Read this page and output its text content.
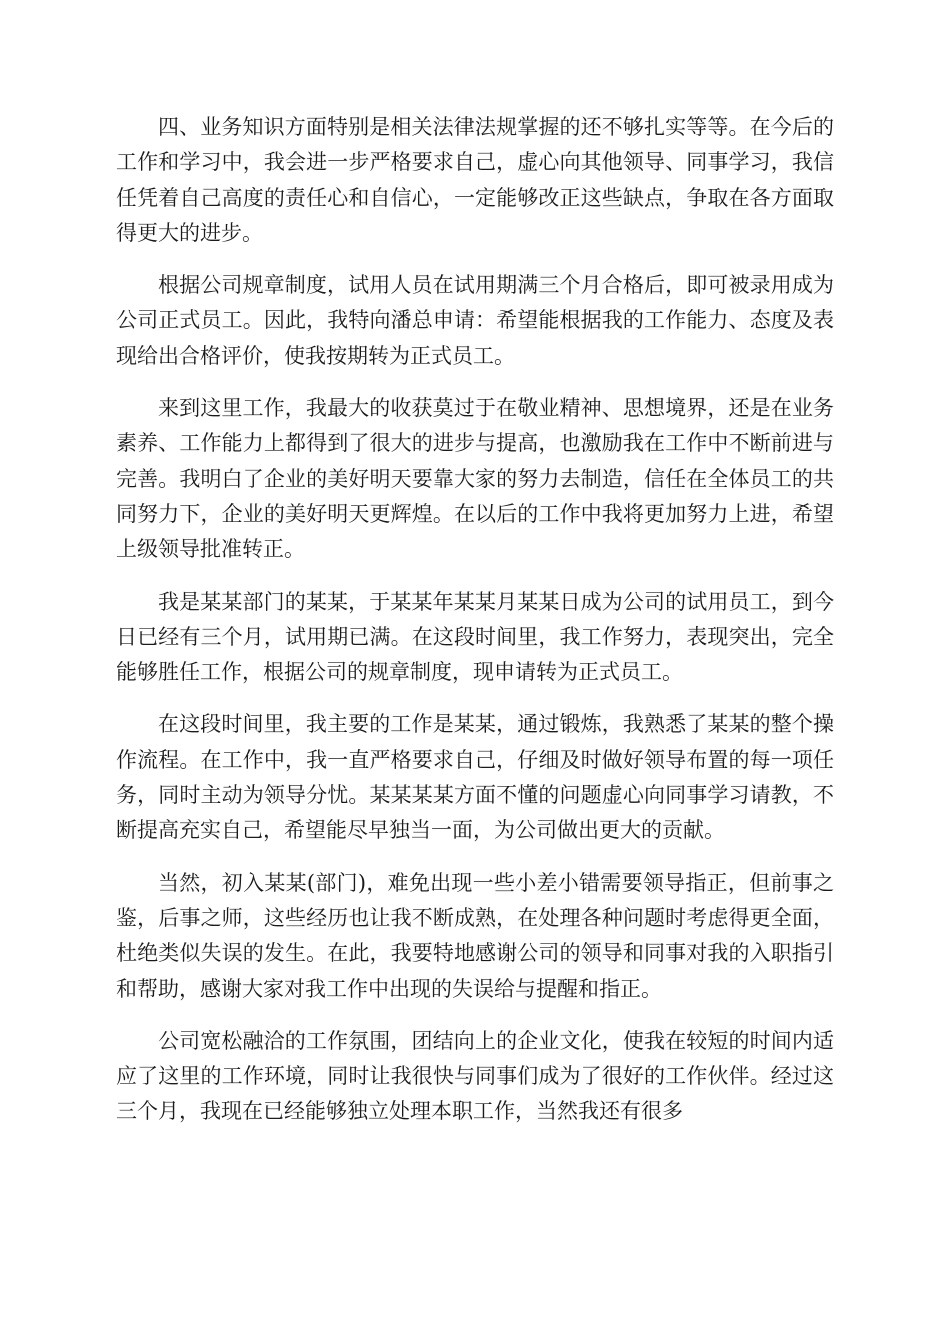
四、业务知识方面特别是相关法律法规掌握的还不够扎实等等。在今后的工作和学习中，我会进一步严格要求自己，虚心向其他领导、同事学习，我信任凭着自己高度的责任心和自信心，一定能够改正这些缺点，争取在各方面取得更大的进步。

根据公司规章制度，试用人员在试用期满三个月合格后，即可被录用成为公司正式员工。因此，我特向潘总申请：希望能根据我的工作能力、态度及表现给出合格评价，使我按期转为正式员工。

来到这里工作，我最大的收获莫过于在敬业精神、思想境界，还是在业务素养、工作能力上都得到了很大的进步与提高，也激励我在工作中不断前进与完善。我明白了企业的美好明天要靠大家的努力去制造，信任在全体员工的共同努力下，企业的美好明天更辉煌。在以后的工作中我将更加努力上进，希望上级领导批准转正。

我是某某部门的某某，于某某年某某月某某日成为公司的试用员工，到今日已经有三个月，试用期已满。在这段时间里，我工作努力，表现突出，完全能够胜任工作，根据公司的规章制度，现申请转为正式员工。

在这段时间里，我主要的工作是某某，通过锻炼，我熟悉了某某的整个操作流程。在工作中，我一直严格要求自己，仔细及时做好领导布置的每一项任务，同时主动为领导分忧。某某某某方面不懂的问题虚心向同事学习请教，不断提高充实自己，希望能尽早独当一面，为公司做出更大的贡献。

当然，初入某某(部门)，难免出现一些小差小错需要领导指正，但前事之鉴，后事之师，这些经历也让我不断成熟，在处理各种问题时考虑得更全面，杜绝类似失误的发生。在此，我要特地感谢公司的领导和同事对我的入职指引和帮助，感谢大家对我工作中出现的失误给与提醒和指正。

公司宽松融洽的工作氛围，团结向上的企业文化，使我在较短的时间内适应了这里的工作环境，同时让我很快与同事们成为了很好的工作伙伴。经过这三个月，我现在已经能够独立处理本职工作，当然我还有很多
